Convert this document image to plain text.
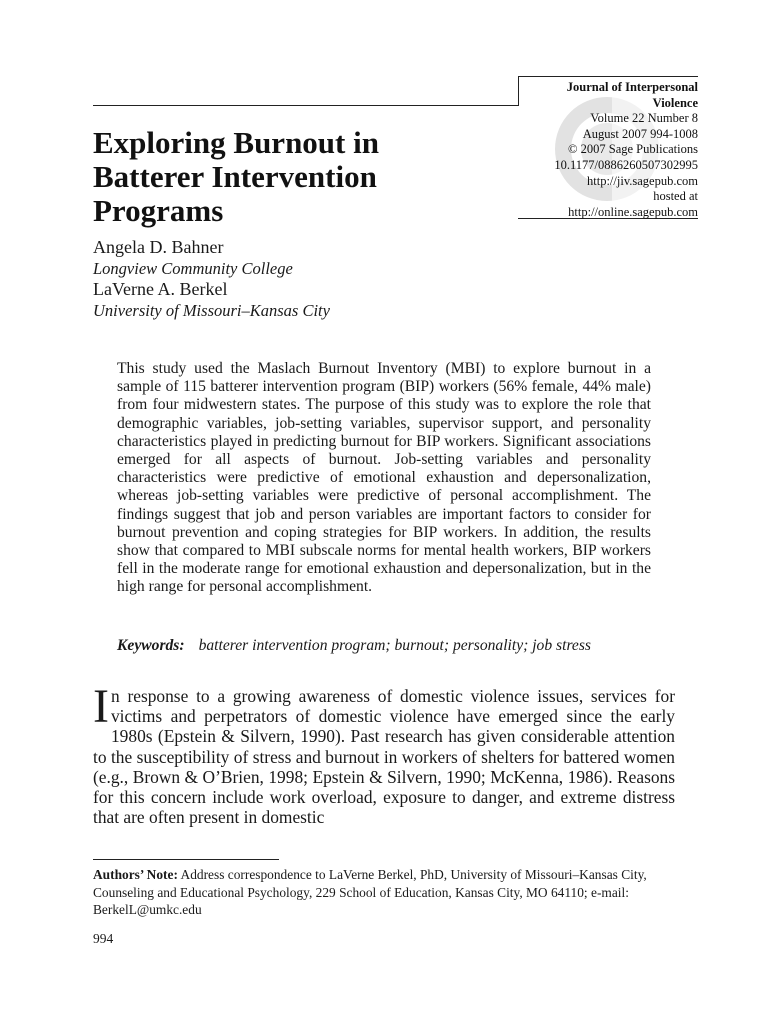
Journal of Interpersonal Violence
Volume 22 Number 8
August 2007 994-1008
© 2007 Sage Publications
10.1177/0886260507302995
http://jiv.sagepub.com
hosted at
http://online.sagepub.com
Exploring Burnout in Batterer Intervention Programs
Angela D. Bahner
Longview Community College
LaVerne A. Berkel
University of Missouri–Kansas City

This study used the Maslach Burnout Inventory (MBI) to explore burnout in a sample of 115 batterer intervention program (BIP) workers (56% female, 44% male) from four midwestern states. The purpose of this study was to explore the role that demographic variables, job-setting variables, supervisor support, and personality characteristics played in predicting burnout for BIP workers. Significant associations emerged for all aspects of burnout. Job-setting variables and personality characteristics were predictive of emotional exhaustion and depersonalization, whereas job-setting variables were predictive of personal accomplishment. The findings suggest that job and person variables are important factors to consider for burnout prevention and coping strategies for BIP workers. In addition, the results show that compared to MBI subscale norms for mental health workers, BIP workers fell in the moderate range for emotional exhaustion and depersonalization, but in the high range for personal accomplishment.

Keywords: batterer intervention program; burnout; personality; job stress

In response to a growing awareness of domestic violence issues, services for victims and perpetrators of domestic violence have emerged since the early 1980s (Epstein & Silvern, 1990). Past research has given considerable attention to the susceptibility of stress and burnout in workers of shelters for battered women (e.g., Brown & O’Brien, 1998; Epstein & Silvern, 1990; McKenna, 1986). Reasons for this concern include work overload, exposure to danger, and extreme distress that are often present in domestic

Authors’ Note: Address correspondence to LaVerne Berkel, PhD, University of Missouri–Kansas City, Counseling and Educational Psychology, 229 School of Education, Kansas City, MO 64110; e-mail: BerkelL@umkc.edu

994
